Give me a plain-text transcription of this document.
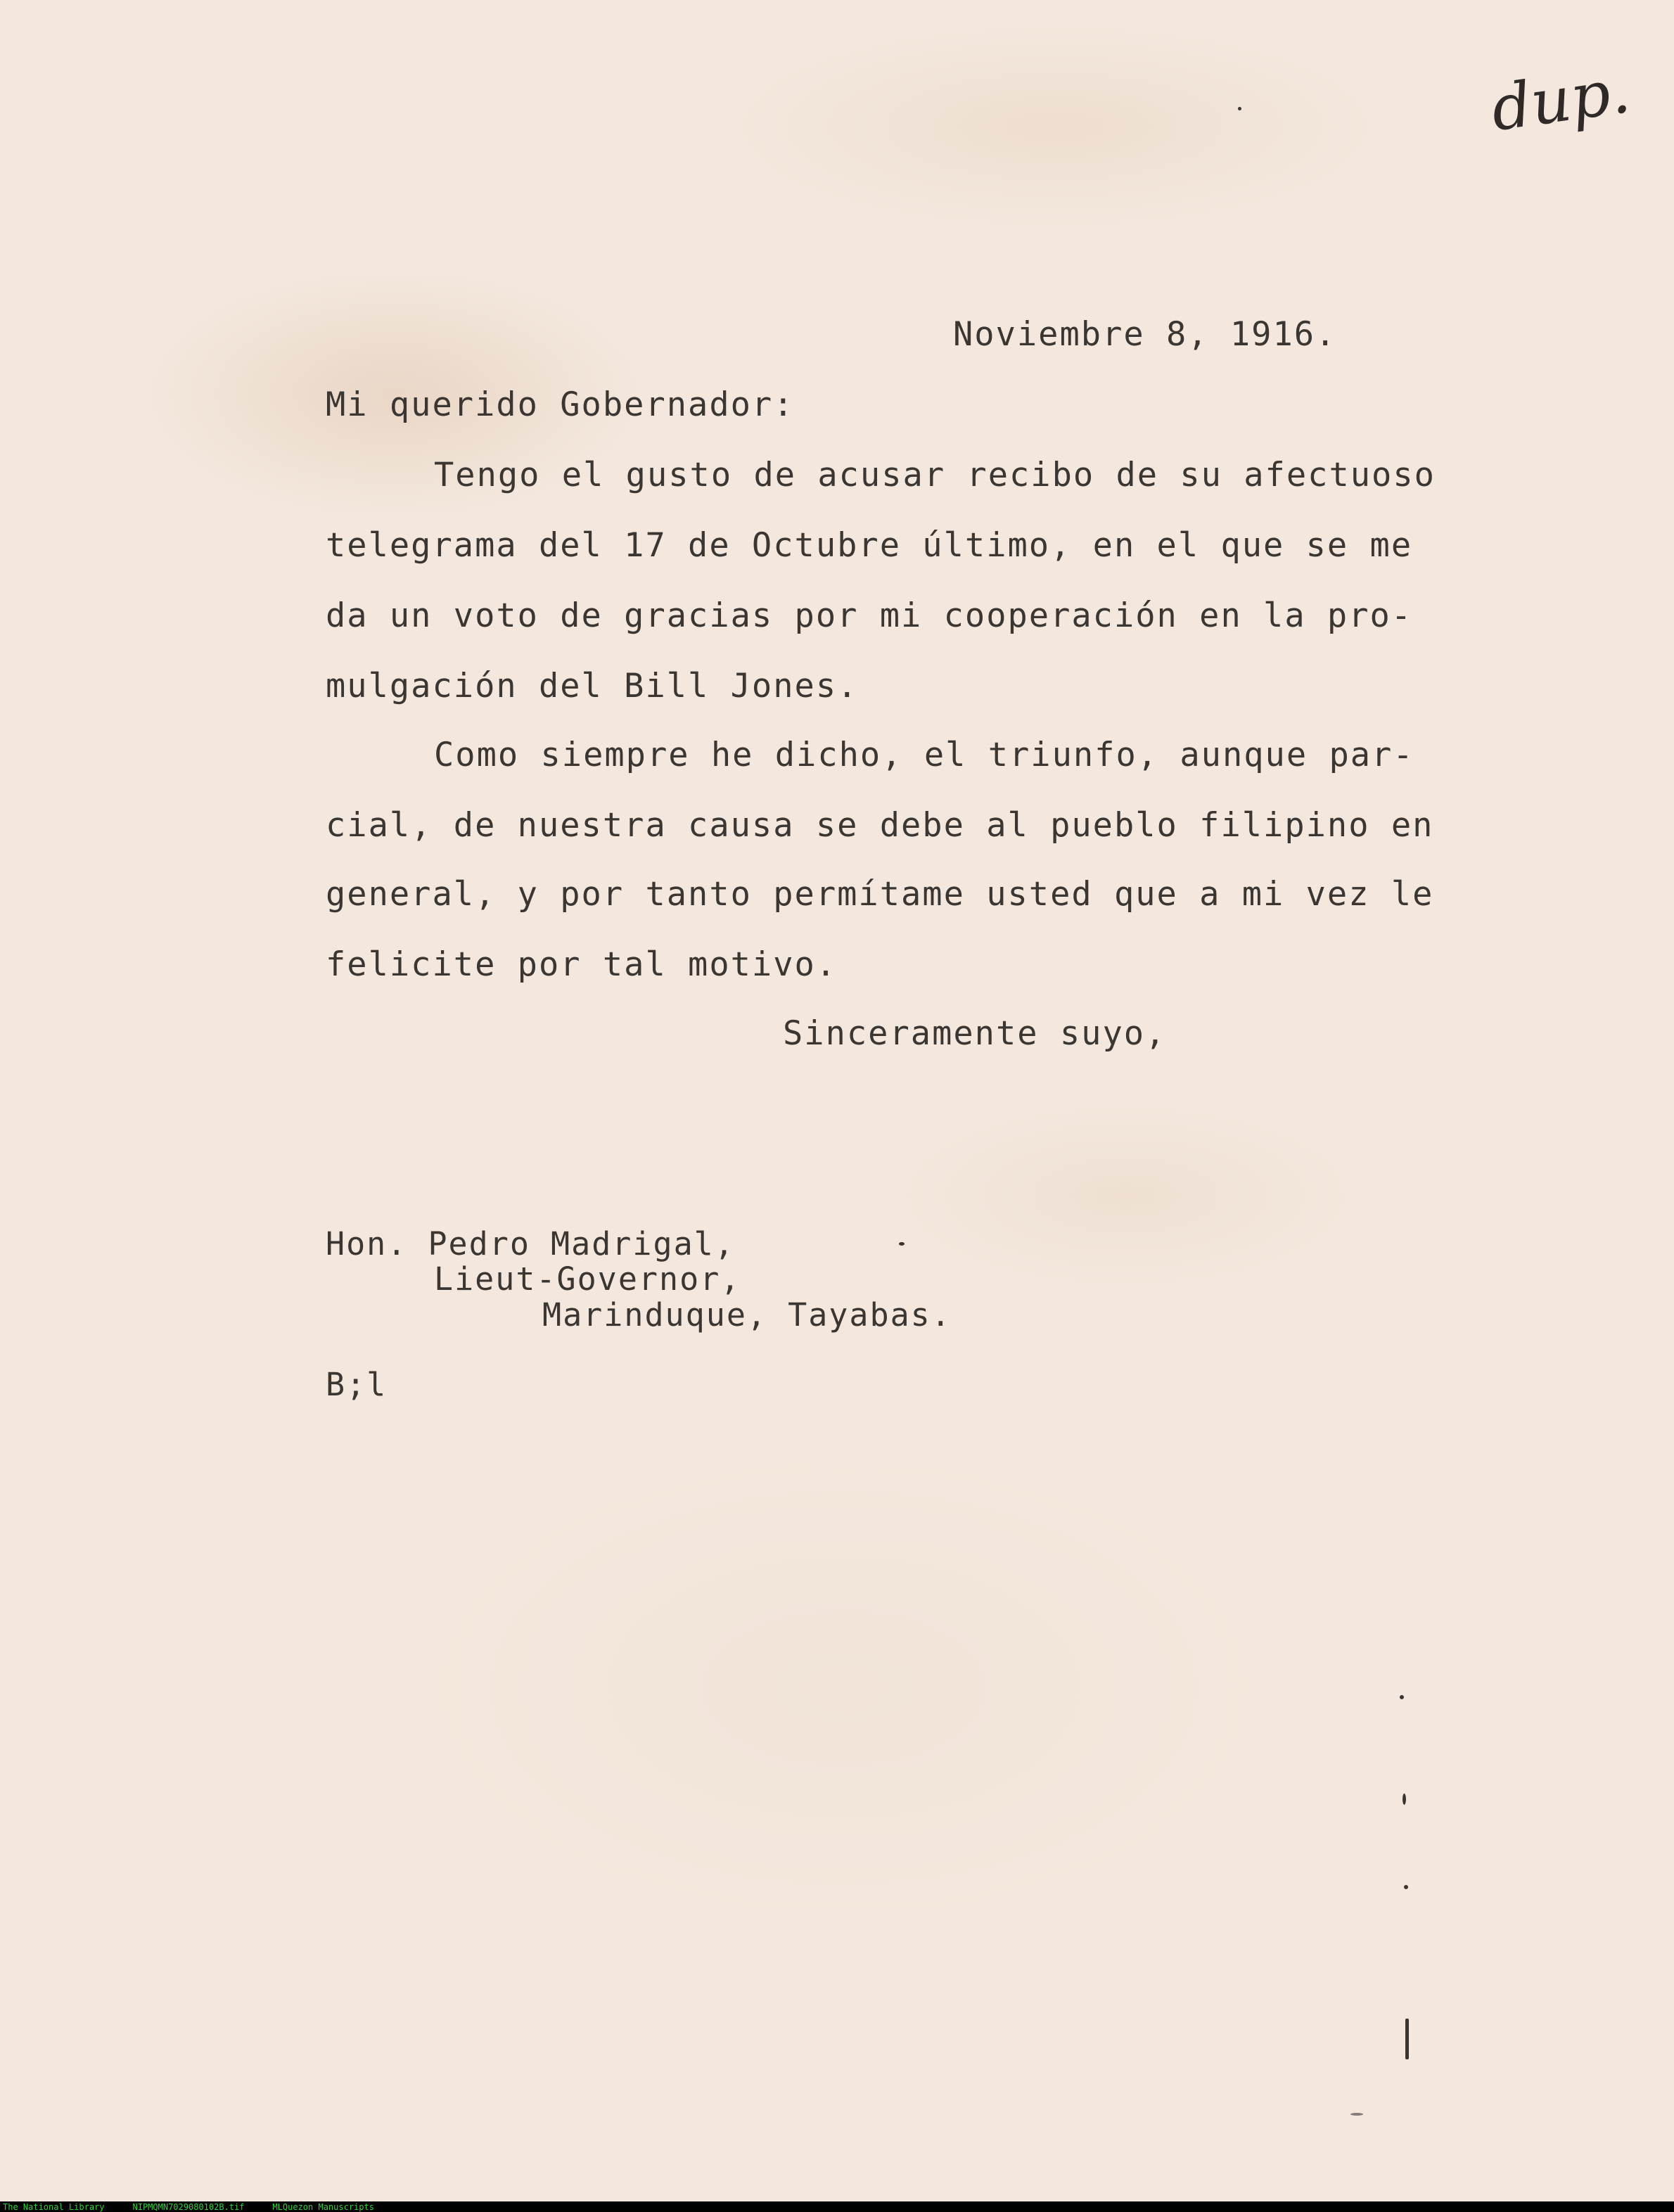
dup.
Noviembre 8, 1916.
Mi querido Gobernador:
Tengo el gusto de acusar recibo de su afectuoso
telegrama del 17 de Octubre último, en el que se me
da un voto de gracias por mi cooperación en la pro-
mulgación del Bill Jones.
Como siempre he dicho, el triunfo, aunque par-
cial, de nuestra causa se debe al pueblo filipino en
general, y por tanto permítame usted que a mi vez le
felicite por tal motivo.
Sinceramente suyo,
Hon. Pedro Madrigal,
Lieut-Governor,
Marinduque, Tayabas.
B;l
The National Library	NIPMQMN7029080102B.tif	MLQuezon Manuscripts
